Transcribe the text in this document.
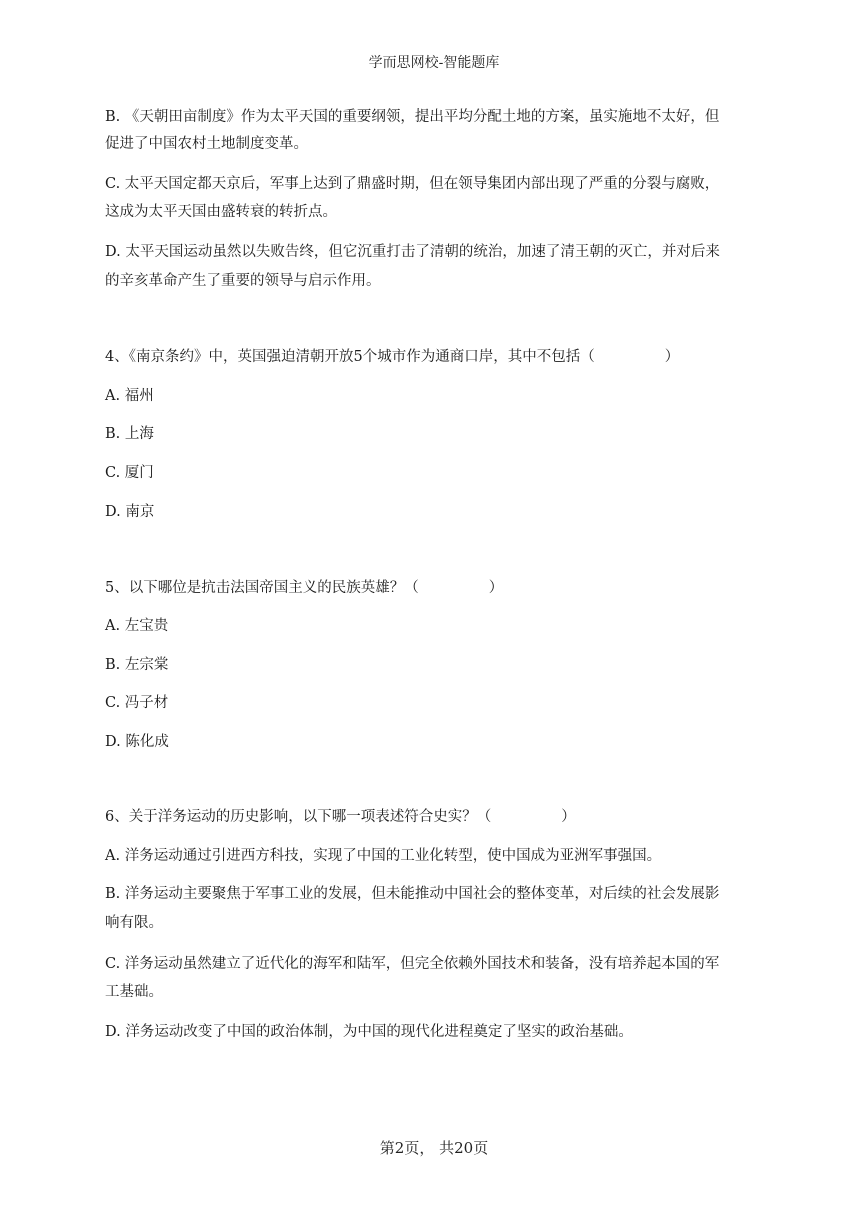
学而思网校-智能题库
B. 《天朝田亩制度》作为太平天国的重要纲领，提出平均分配土地的方案，虽实施地不太好，但
促进了中国农村土地制度变革。
C. 太平天国定都天京后，军事上达到了鼎盛时期，但在领导集团内部出现了严重的分裂与腐败，
这成为太平天国由盛转衰的转折点。
D. 太平天国运动虽然以失败告终，但它沉重打击了清朝的统治，加速了清王朝的灭亡，并对后来
的辛亥革命产生了重要的领导与启示作用。
4、《南京条约》中，英国强迫清朝开放5个城市作为通商口岸，其中不包括（	）
A. 福州
B. 上海
C. 厦门
D. 南京
5、以下哪位是抗击法国帝国主义的民族英雄？（	）
A. 左宝贵
B. 左宗棠
C. 冯子材
D. 陈化成
6、关于洋务运动的历史影响，以下哪一项表述符合史实？（	）
A. 洋务运动通过引进西方科技，实现了中国的工业化转型，使中国成为亚洲军事强国。
B. 洋务运动主要聚焦于军事工业的发展，但未能推动中国社会的整体变革，对后续的社会发展影
响有限。
C. 洋务运动虽然建立了近代化的海军和陆军，但完全依赖外国技术和装备，没有培养起本国的军
工基础。
D. 洋务运动改变了中国的政治体制，为中国的现代化进程奠定了坚实的政治基础。
第2页， 共20页
